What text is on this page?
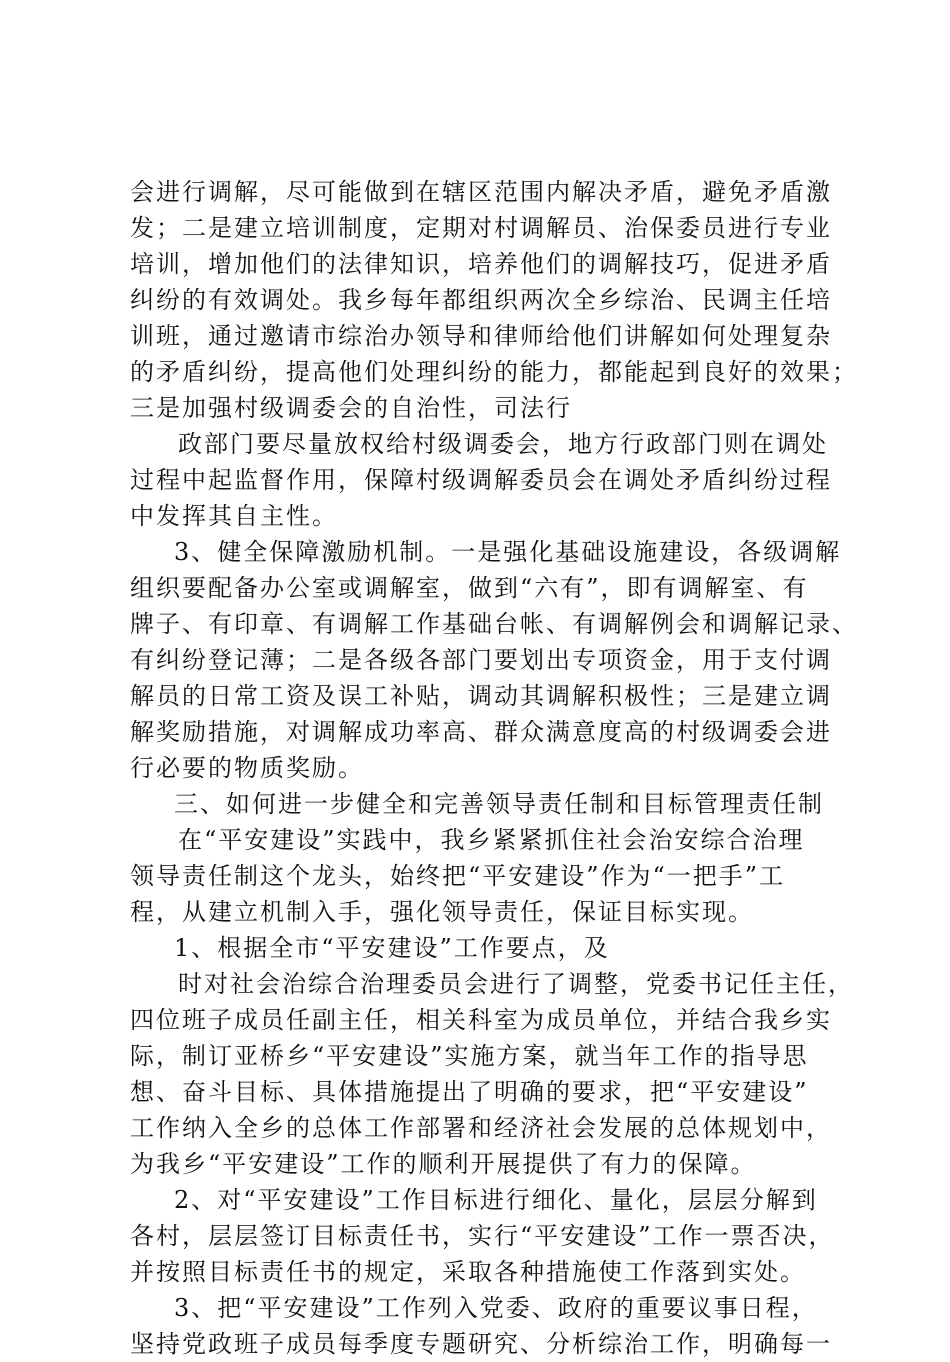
会进行调解，尽可能做到在辖区范围内解决矛盾，避免矛盾激
发；二是建立培训制度，定期对村调解员、治保委员进行专业
培训，增加他们的法律知识，培养他们的调解技巧，促进矛盾
纠纷的有效调处。我乡每年都组织两次全乡综治、民调主任培
训班，通过邀请市综治办领导和律师给他们讲解如何处理复杂
的矛盾纠纷，提高他们处理纠纷的能力，都能起到良好的效果；
三是加强村级调委会的自治性，司法行
政部门要尽量放权给村级调委会，地方行政部门则在调处
过程中起监督作用，保障村级调解委员会在调处矛盾纠纷过程
中发挥其自主性。
3、健全保障激励机制。一是强化基础设施建设，各级调解
组织要配备办公室或调解室，做到“六有”，即有调解室、有
牌子、有印章、有调解工作基础台帐、有调解例会和调解记录、
有纠纷登记薄；二是各级各部门要划出专项资金，用于支付调
解员的日常工资及误工补贴，调动其调解积极性；三是建立调
解奖励措施，对调解成功率高、群众满意度高的村级调委会进
行必要的物质奖励。
三、如何进一步健全和完善领导责任制和目标管理责任制
在“平安建设”实践中，我乡紧紧抓住社会治安综合治理
领导责任制这个龙头，始终把“平安建设”作为“一把手”工
程，从建立机制入手，强化领导责任，保证目标实现。
1、根据全市“平安建设”工作要点，及
时对社会治综合治理委员会进行了调整，党委书记任主任，
四位班子成员任副主任，相关科室为成员单位，并结合我乡实
际，制订亚桥乡“平安建设”实施方案，就当年工作的指导思
想、奋斗目标、具体措施提出了明确的要求，把“平安建设”
工作纳入全乡的总体工作部署和经济社会发展的总体规划中，
为我乡“平安建设”工作的顺利开展提供了有力的保障。
2、对“平安建设”工作目标进行细化、量化，层层分解到
各村，层层签订目标责任书，实行“平安建设”工作一票否决，
并按照目标责任书的规定，采取各种措施使工作落到实处。
3、把“平安建设”工作列入党委、政府的重要议事日程，
坚持党政班子成员每季度专题研究、分析综治工作，明确每一
